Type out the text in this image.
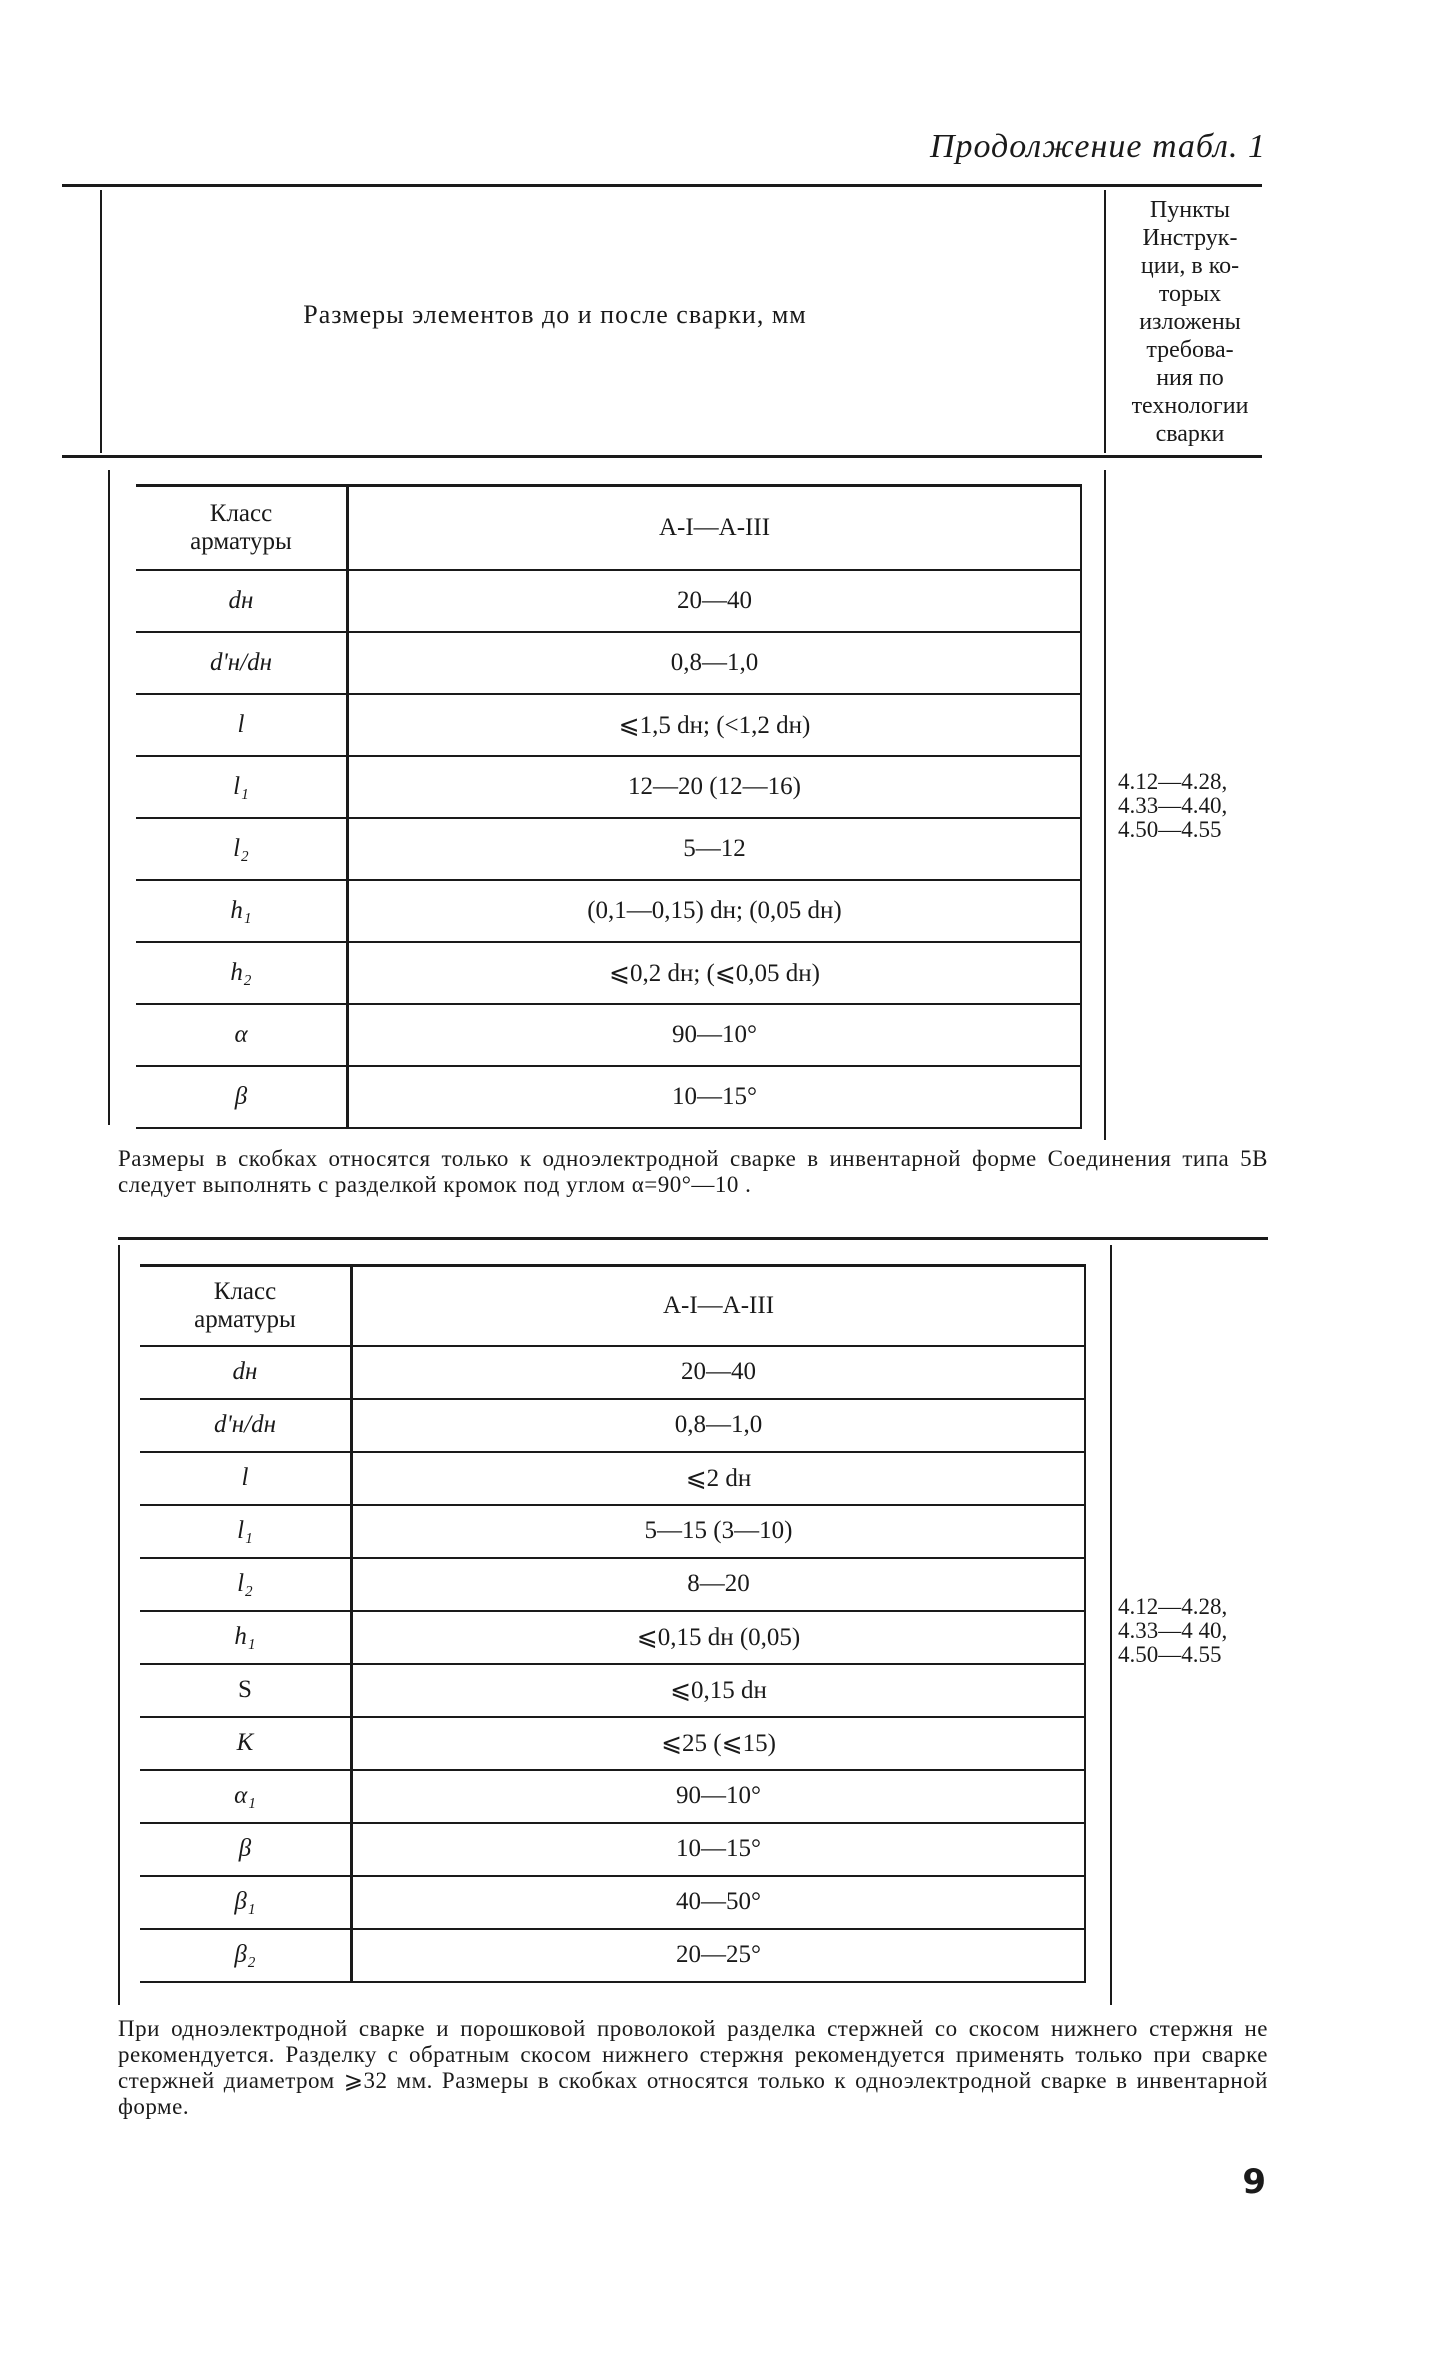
Продолжение табл. 1
Размеры элементов до и после сварки, мм
Пункты
Инструк-
ции, в ко-
торых
изложены
требова-
ния по
технологии
сварки
Класс
арматуры	A-I—A-III
dн	20—40
d'н/dн	0,8—1,0
l	⩽1,5 dн; (<1,2 dн)
l₁	12—20 (12—16)
l₂	5—12
h₁	(0,1—0,15) dн; (0,05 dн)
h₂	⩽0,2 dн; (⩽0,05 dн)
α	90—10°
β	10—15°
4.12—4.28,
4.33—4.40,
4.50—4.55
Размеры в скобках относятся только к одноэлектродной сварке в инвентарной форме Соединения типа 5В следует выполнять с разделкой кромок под углом α=90°—10 .
Класс
арматуры	A-I—A-III
dн	20—40
d'н/dн	0,8—1,0
l	⩽2 dн
l₁	5—15 (3—10)
l₂	8—20
h₁	⩽0,15 dн (0,05)
S	⩽0,15 dн
K	⩽25 (⩽15)
α₁	90—10°
β	10—15°
β₁	40—50°
β₂	20—25°
4.12—4.28,
4.33—4 40,
4.50—4.55
При одноэлектродной сварке и порошковой проволокой разделка стержней со скосом нижнего стержня не рекомендуется. Разделку с обратным скосом нижнего стержня рекомендуется применять только при сварке стержней диаметром ⩾32 мм. Размеры в скобках относятся только к одноэлектродной сварке в инвентарной форме.
9
